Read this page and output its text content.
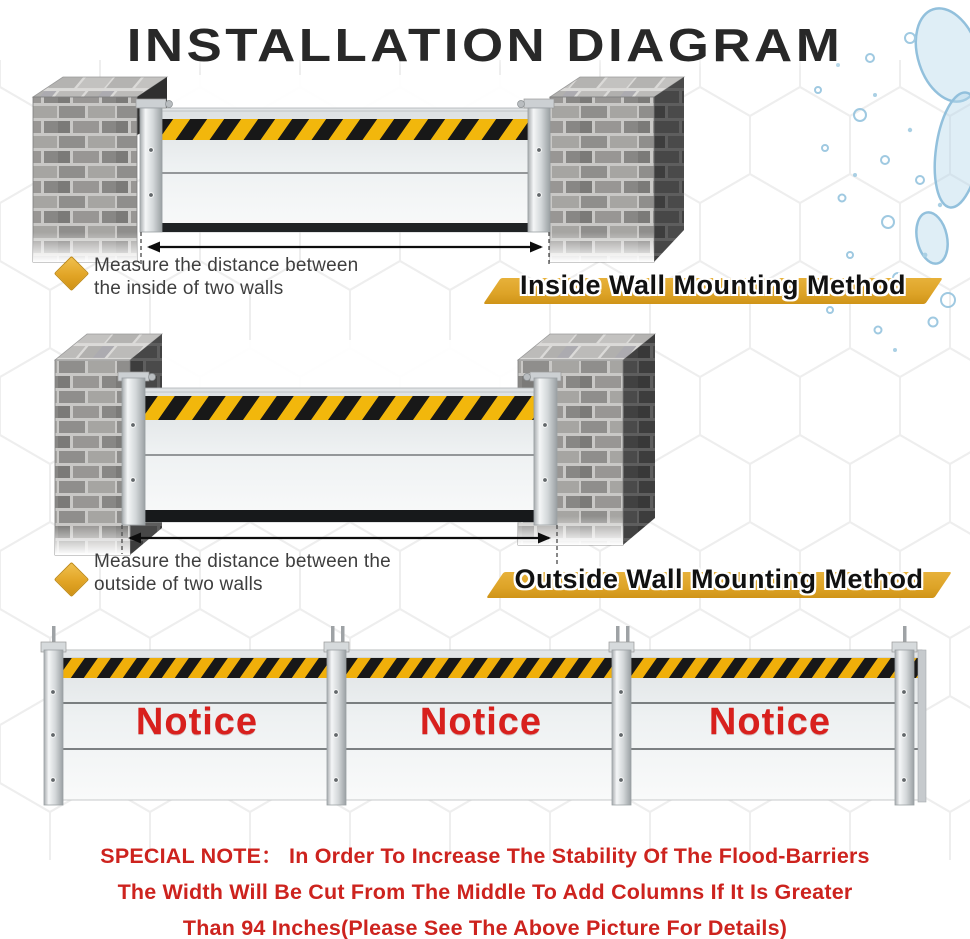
INSTALLATION DIAGRAM
Measure the distance between
the inside of two walls	Inside Wall Mounting Method
Measure the distance between the
outside of two walls	Outside Wall Mounting Method
Notice	Notice	Notice
SPECIAL NOTE： In Order To Increase The Stability Of The Flood-Barriers
The Width Will Be Cut From The Middle To Add Columns If It Is Greater
Than 94 Inches(Please See The Above Picture For Details)
